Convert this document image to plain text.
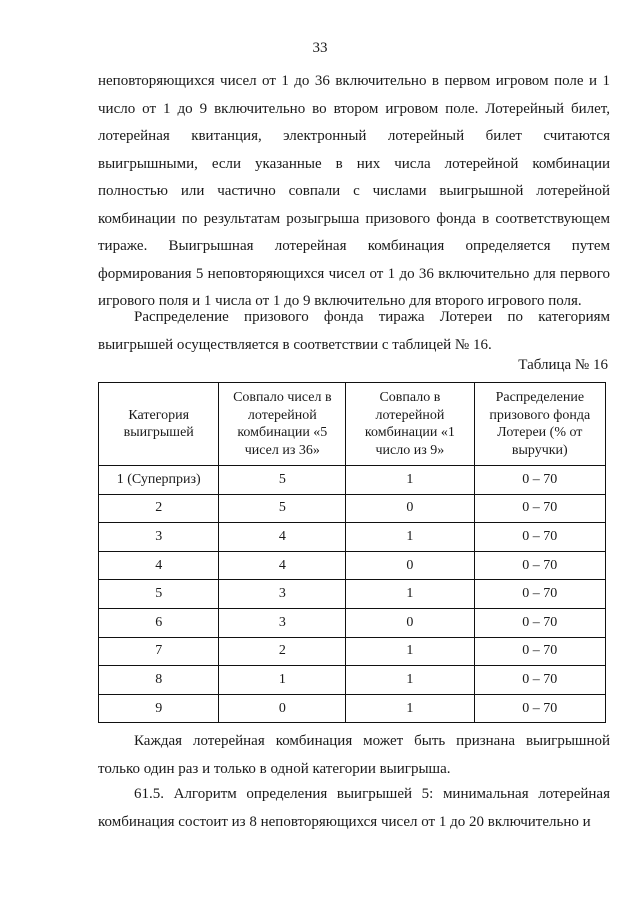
33

неповторяющихся чисел от 1 до 36 включительно в первом игровом поле и 1 число от 1 до 9 включительно во втором игровом поле. Лотерейный билет, лотерейная квитанция, электронный лотерейный билет считаются выигрышными, если указанные в них числа лотерейной комбинации полностью или частично совпали с числами выигрышной лотерейной комбинации по результатам розыгрыша призового фонда в соответствующем тираже. Выигрышная лотерейная комбинация определяется путем формирования 5 неповторяющихся чисел от 1 до 36 включительно для первого игрового поля и 1 числа от 1 до 9 включительно для второго игрового поля.

Распределение призового фонда тиража Лотереи по категориям выигрышей осуществляется в соответствии с таблицей № 16.

Таблица № 16
Категория выигрышей	Совпало чисел в лотерейной комбинации «5 чисел из 36»	Совпало в лотерейной комбинации «1 число из 9»	Распределение призового фонда Лотереи (% от выручки)
1 (Суперприз)	5	1	0 – 70
2	5	0	0 – 70
3	4	1	0 – 70
4	4	0	0 – 70
5	3	1	0 – 70
6	3	0	0 – 70
7	2	1	0 – 70
8	1	1	0 – 70
9	0	1	0 – 70

Каждая лотерейная комбинация может быть признана выигрышной только один раз и только в одной категории выигрыша.

61.5. Алгоритм определения выигрышей 5: минимальная лотерейная комбинация состоит из 8 неповторяющихся чисел от 1 до 20 включительно и
